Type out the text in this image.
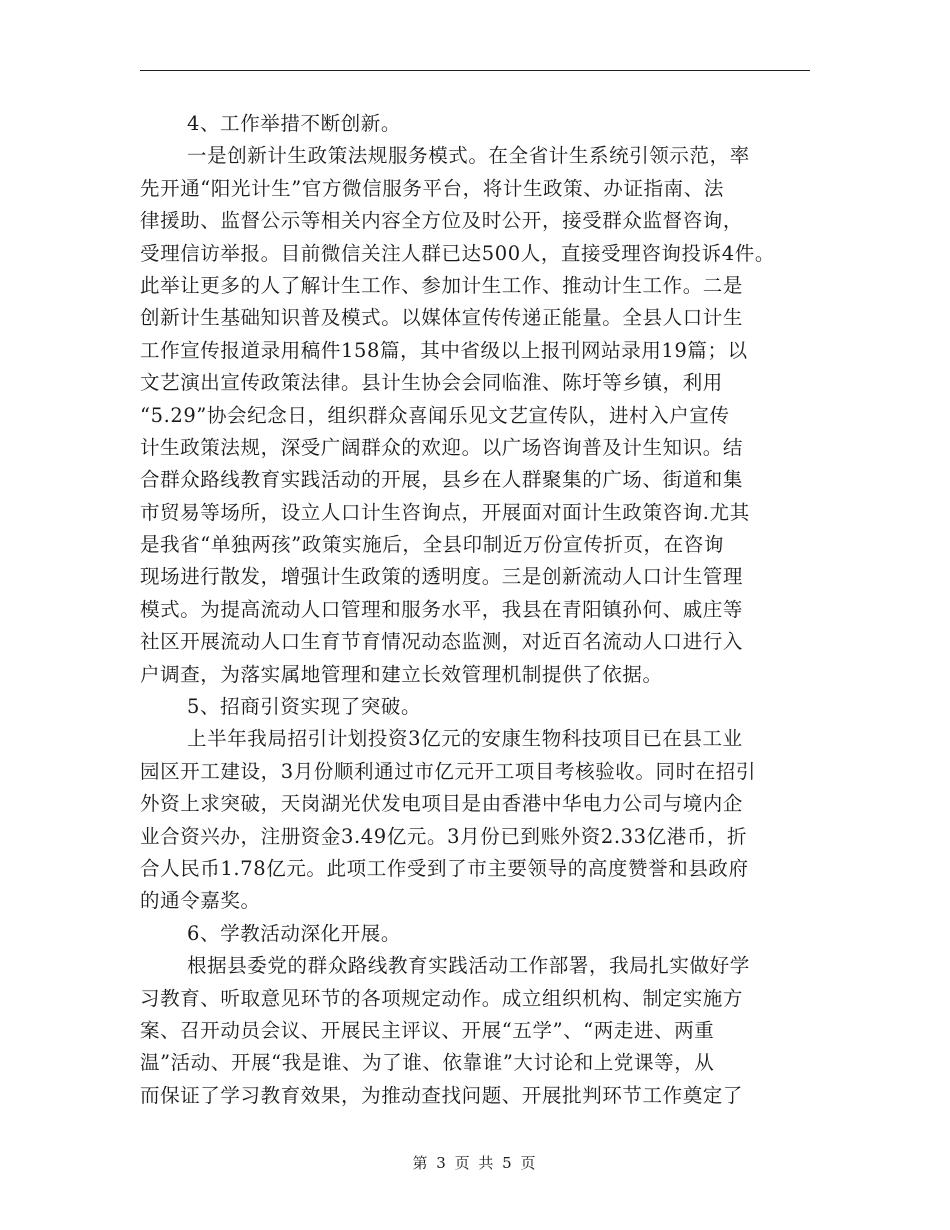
4、工作举措不断创新。
一是创新计生政策法规服务模式。在全省计生系统引领示范，率
先开通“阳光计生”官方微信服务平台，将计生政策、办证指南、法
律援助、监督公示等相关内容全方位及时公开，接受群众监督咨询，
受理信访举报。目前微信关注人群已达500人，直接受理咨询投诉4件。
此举让更多的人了解计生工作、参加计生工作、推动计生工作。二是
创新计生基础知识普及模式。以媒体宣传传递正能量。全县人口计生
工作宣传报道录用稿件158篇，其中省级以上报刊网站录用19篇；以
文艺演出宣传政策法律。县计生协会会同临淮、陈圩等乡镇，利用
“5.29”协会纪念日，组织群众喜闻乐见文艺宣传队，进村入户宣传
计生政策法规，深受广阔群众的欢迎。以广场咨询普及计生知识。结
合群众路线教育实践活动的开展，县乡在人群聚集的广场、街道和集
市贸易等场所，设立人口计生咨询点，开展面对面计生政策咨询.尤其
是我省“单独两孩”政策实施后，全县印制近万份宣传折页，在咨询
现场进行散发，增强计生政策的透明度。三是创新流动人口计生管理
模式。为提高流动人口管理和服务水平，我县在青阳镇孙何、戚庄等
社区开展流动人口生育节育情况动态监测，对近百名流动人口进行入
户调查，为落实属地管理和建立长效管理机制提供了依据。
5、招商引资实现了突破。
上半年我局招引计划投资3亿元的安康生物科技项目已在县工业
园区开工建设，3月份顺利通过市亿元开工项目考核验收。同时在招引
外资上求突破，天岗湖光伏发电项目是由香港中华电力公司与境内企
业合资兴办，注册资金3.49亿元。3月份已到账外资2.33亿港币，折
合人民币1.78亿元。此项工作受到了市主要领导的高度赞誉和县政府
的通令嘉奖。
6、学教活动深化开展。
根据县委党的群众路线教育实践活动工作部署，我局扎实做好学
习教育、听取意见环节的各项规定动作。成立组织机构、制定实施方
案、召开动员会议、开展民主评议、开展“五学”、“两走进、两重
温”活动、开展“我是谁、为了谁、依靠谁”大讨论和上党课等，从
而保证了学习教育效果，为推动查找问题、开展批判环节工作奠定了
第 3 页 共 5 页
